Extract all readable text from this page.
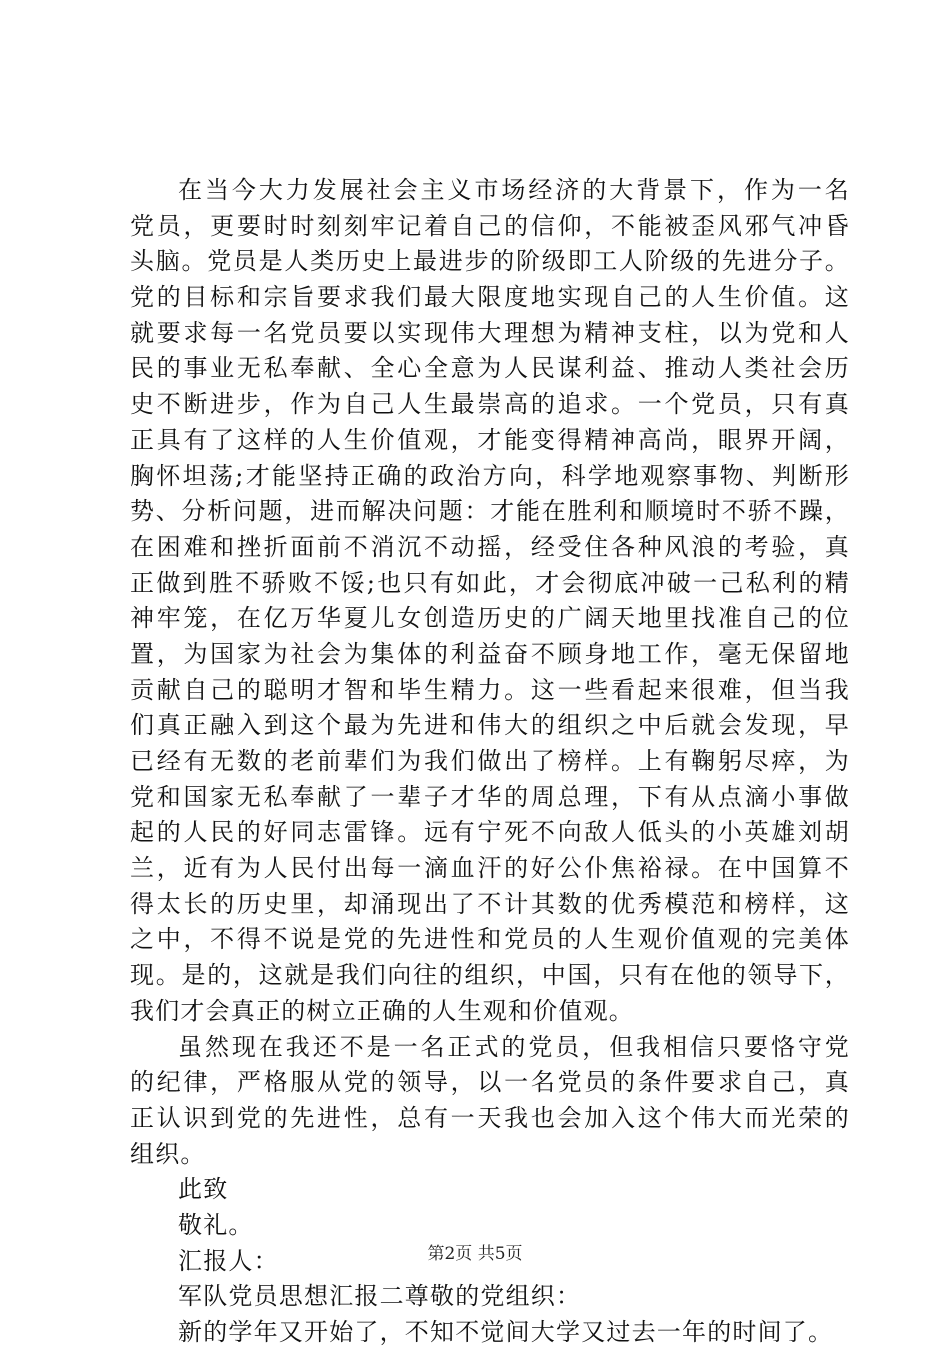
在当今大力发展社会主义市场经济的大背景下，作为一名
党员，更要时时刻刻牢记着自己的信仰，不能被歪风邪气冲昏
头脑。党员是人类历史上最进步的阶级即工人阶级的先进分子。
党的目标和宗旨要求我们最大限度地实现自己的人生价值。这
就要求每一名党员要以实现伟大理想为精神支柱，以为党和人
民的事业无私奉献、全心全意为人民谋利益、推动人类社会历
史不断进步，作为自己人生最崇高的追求。一个党员，只有真
正具有了这样的人生价值观，才能变得精神高尚，眼界开阔，
胸怀坦荡;才能坚持正确的政治方向，科学地观察事物、判断形
势、分析问题，进而解决问题：才能在胜利和顺境时不骄不躁，
在困难和挫折面前不消沉不动摇，经受住各种风浪的考验，真
正做到胜不骄败不馁;也只有如此，才会彻底冲破一己私利的精
神牢笼，在亿万华夏儿女创造历史的广阔天地里找准自己的位
置，为国家为社会为集体的利益奋不顾身地工作，毫无保留地
贡献自己的聪明才智和毕生精力。这一些看起来很难，但当我
们真正融入到这个最为先进和伟大的组织之中后就会发现，早
已经有无数的老前辈们为我们做出了榜样。上有鞠躬尽瘁，为
党和国家无私奉献了一辈子才华的周总理，下有从点滴小事做
起的人民的好同志雷锋。远有宁死不向敌人低头的小英雄刘胡
兰，近有为人民付出每一滴血汗的好公仆焦裕禄。在中国算不
得太长的历史里，却涌现出了不计其数的优秀模范和榜样，这
之中，不得不说是党的先进性和党员的人生观价值观的完美体
现。是的，这就是我们向往的组织，中国，只有在他的领导下，
我们才会真正的树立正确的人生观和价值观。
虽然现在我还不是一名正式的党员，但我相信只要恪守党
的纪律，严格服从党的领导，以一名党员的条件要求自己，真
正认识到党的先进性，总有一天我也会加入这个伟大而光荣的
组织。
此致
敬礼。
汇报人：
军队党员思想汇报二尊敬的党组织：
新的学年又开始了，不知不觉间大学又过去一年的时间了。
第2页 共5页
